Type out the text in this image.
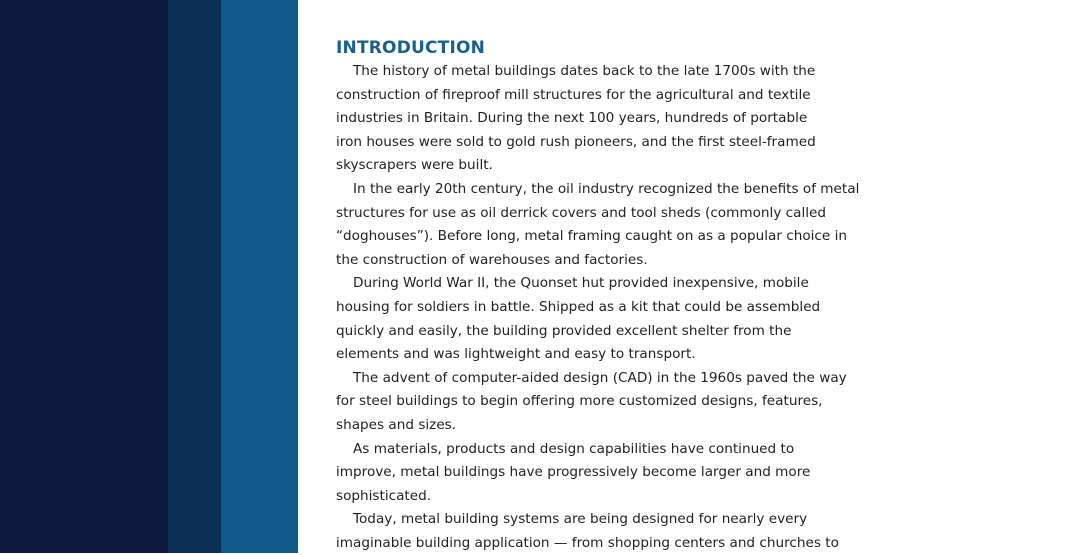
INTRODUCTION

The history of metal buildings dates back to the late 1700s with the
construction of fireproof mill structures for the agricultural and textile
industries in Britain. During the next 100 years, hundreds of portable
iron houses were sold to gold rush pioneers, and the first steel-framed
skyscrapers were built.

In the early 20th century, the oil industry recognized the benefits of metal
structures for use as oil derrick covers and tool sheds (commonly called
“doghouses”). Before long, metal framing caught on as a popular choice in
the construction of warehouses and factories.

During World War II, the Quonset hut provided inexpensive, mobile
housing for soldiers in battle. Shipped as a kit that could be assembled
quickly and easily, the building provided excellent shelter from the
elements and was lightweight and easy to transport.

The advent of computer-aided design (CAD) in the 1960s paved the way
for steel buildings to begin offering more customized designs, features,
shapes and sizes.

As materials, products and design capabilities have continued to
improve, metal buildings have progressively become larger and more
sophisticated.

Today, metal building systems are being designed for nearly every
imaginable building application — from shopping centers and churches to
